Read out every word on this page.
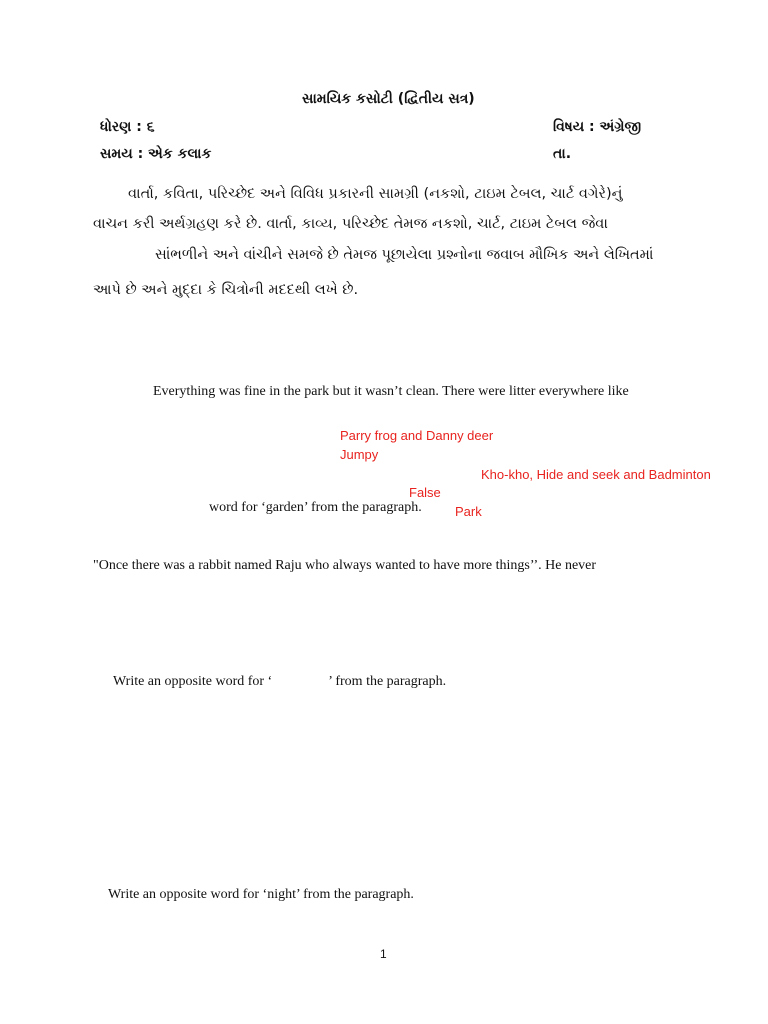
સામયિક કસોટી (દ્વિતીય સત્ર)
ધોરણ : ૬	વિષય : અંગ્રેજી
સમય : એક કલાક	તા.
વાર્તા, કવિતા, પરિચ્છેદ અને વિવિધ પ્રકારની સામગ્રી (નકશો, ટાઇમ ટેબલ, ચાર્ટ વગેરે)નું
વાચન કરી અર્થગ્રહણ કરે છે. વાર્તા, કાવ્ય, પરિચ્છેદ તેમજ નકશો, ચાર્ટ, ટાઇમ ટેબલ જેવા
સાંભળીને અને વાંચીને સમજે છે તેમજ પૂછાયેલા પ્રશ્નોના જવાબ મૌખિક અને લેખિતમાં
આપે છે અને મુદ્દા કે ચિત્રોની મદદથી લખે છે.
Everything was fine in the park but it wasn’t clean. There were litter everywhere like
Parry frog and Danny deer
Jumpy
Kho-kho, Hide and seek and Badminton
False
word for ‘garden’ from the paragraph.	Park
"Once there was a rabbit named Raju who always wanted to have more things’’. He never
Write an opposite word for ‘	’ from the paragraph.
Write an opposite word for ‘night’ from the paragraph.
1
